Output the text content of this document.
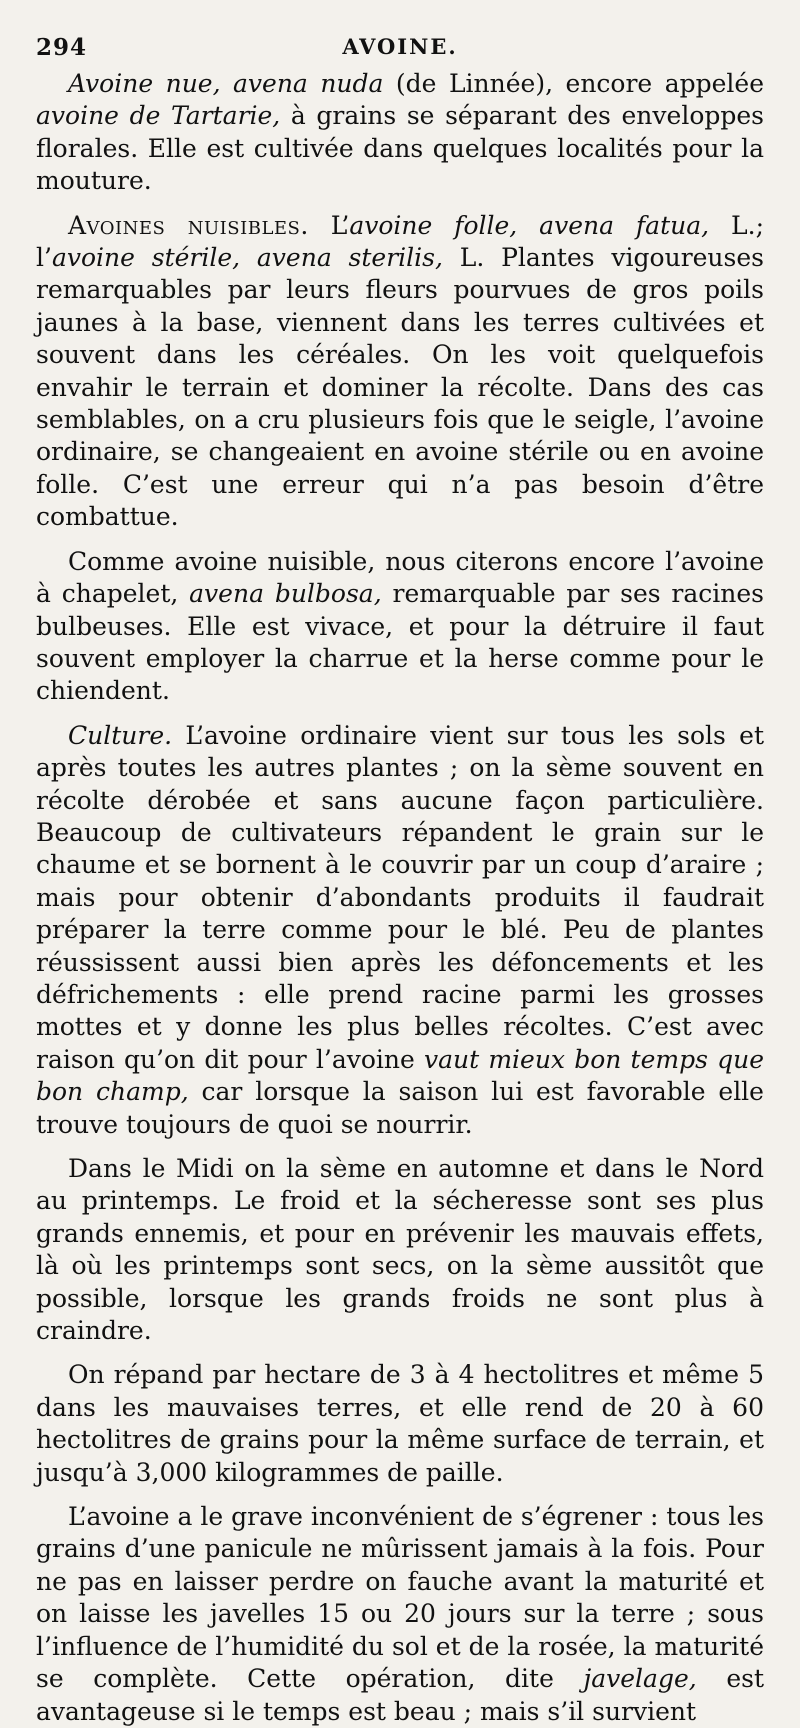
294	AVOINE.

Avoine nue, avena nuda (de Linnée), encore appelée avoine de Tartarie, à grains se séparant des enveloppes florales. Elle est cultivée dans quelques localités pour la mouture.

Avoines nuisibles. L’avoine folle, avena fatua, L.; l’avoine stérile, avena sterilis, L. Plantes vigoureuses remarquables par leurs fleurs pourvues de gros poils jaunes à la base, viennent dans les terres cultivées et souvent dans les céréales. On les voit quelquefois envahir le terrain et dominer la récolte. Dans des cas semblables, on a cru plusieurs fois que le seigle, l’avoine ordinaire, se changeaient en avoine stérile ou en avoine folle. C’est une erreur qui n’a pas besoin d’être combattue.

Comme avoine nuisible, nous citerons encore l’avoine à chapelet, avena bulbosa, remarquable par ses racines bulbeuses. Elle est vivace, et pour la détruire il faut souvent employer la charrue et la herse comme pour le chiendent.

Culture. L’avoine ordinaire vient sur tous les sols et après toutes les autres plantes ; on la sème souvent en récolte dérobée et sans aucune façon particulière. Beaucoup de cultivateurs répandent le grain sur le chaume et se bornent à le couvrir par un coup d’araire ; mais pour obtenir d’abondants produits il faudrait préparer la terre comme pour le blé. Peu de plantes réussissent aussi bien après les défoncements et les défrichements : elle prend racine parmi les grosses mottes et y donne les plus belles récoltes. C’est avec raison qu’on dit pour l’avoine vaut mieux bon temps que bon champ, car lorsque la saison lui est favorable elle trouve toujours de quoi se nourrir.

Dans le Midi on la sème en automne et dans le Nord au printemps. Le froid et la sécheresse sont ses plus grands ennemis, et pour en prévenir les mauvais effets, là où les printemps sont secs, on la sème aussitôt que possible, lorsque les grands froids ne sont plus à craindre.

On répand par hectare de 3 à 4 hectolitres et même 5 dans les mauvaises terres, et elle rend de 20 à 60 hectolitres de grains pour la même surface de terrain, et jusqu’à 3,000 kilogrammes de paille.

L’avoine a le grave inconvénient de s’égrener : tous les grains d’une panicule ne mûrissent jamais à la fois. Pour ne pas en laisser perdre on fauche avant la maturité et on laisse les javelles 15 ou 20 jours sur la terre ; sous l’influence de l’humidité du sol et de la rosée, la maturité se complète. Cette opération, dite javelage, est avantageuse si le temps est beau ; mais s’il survient
